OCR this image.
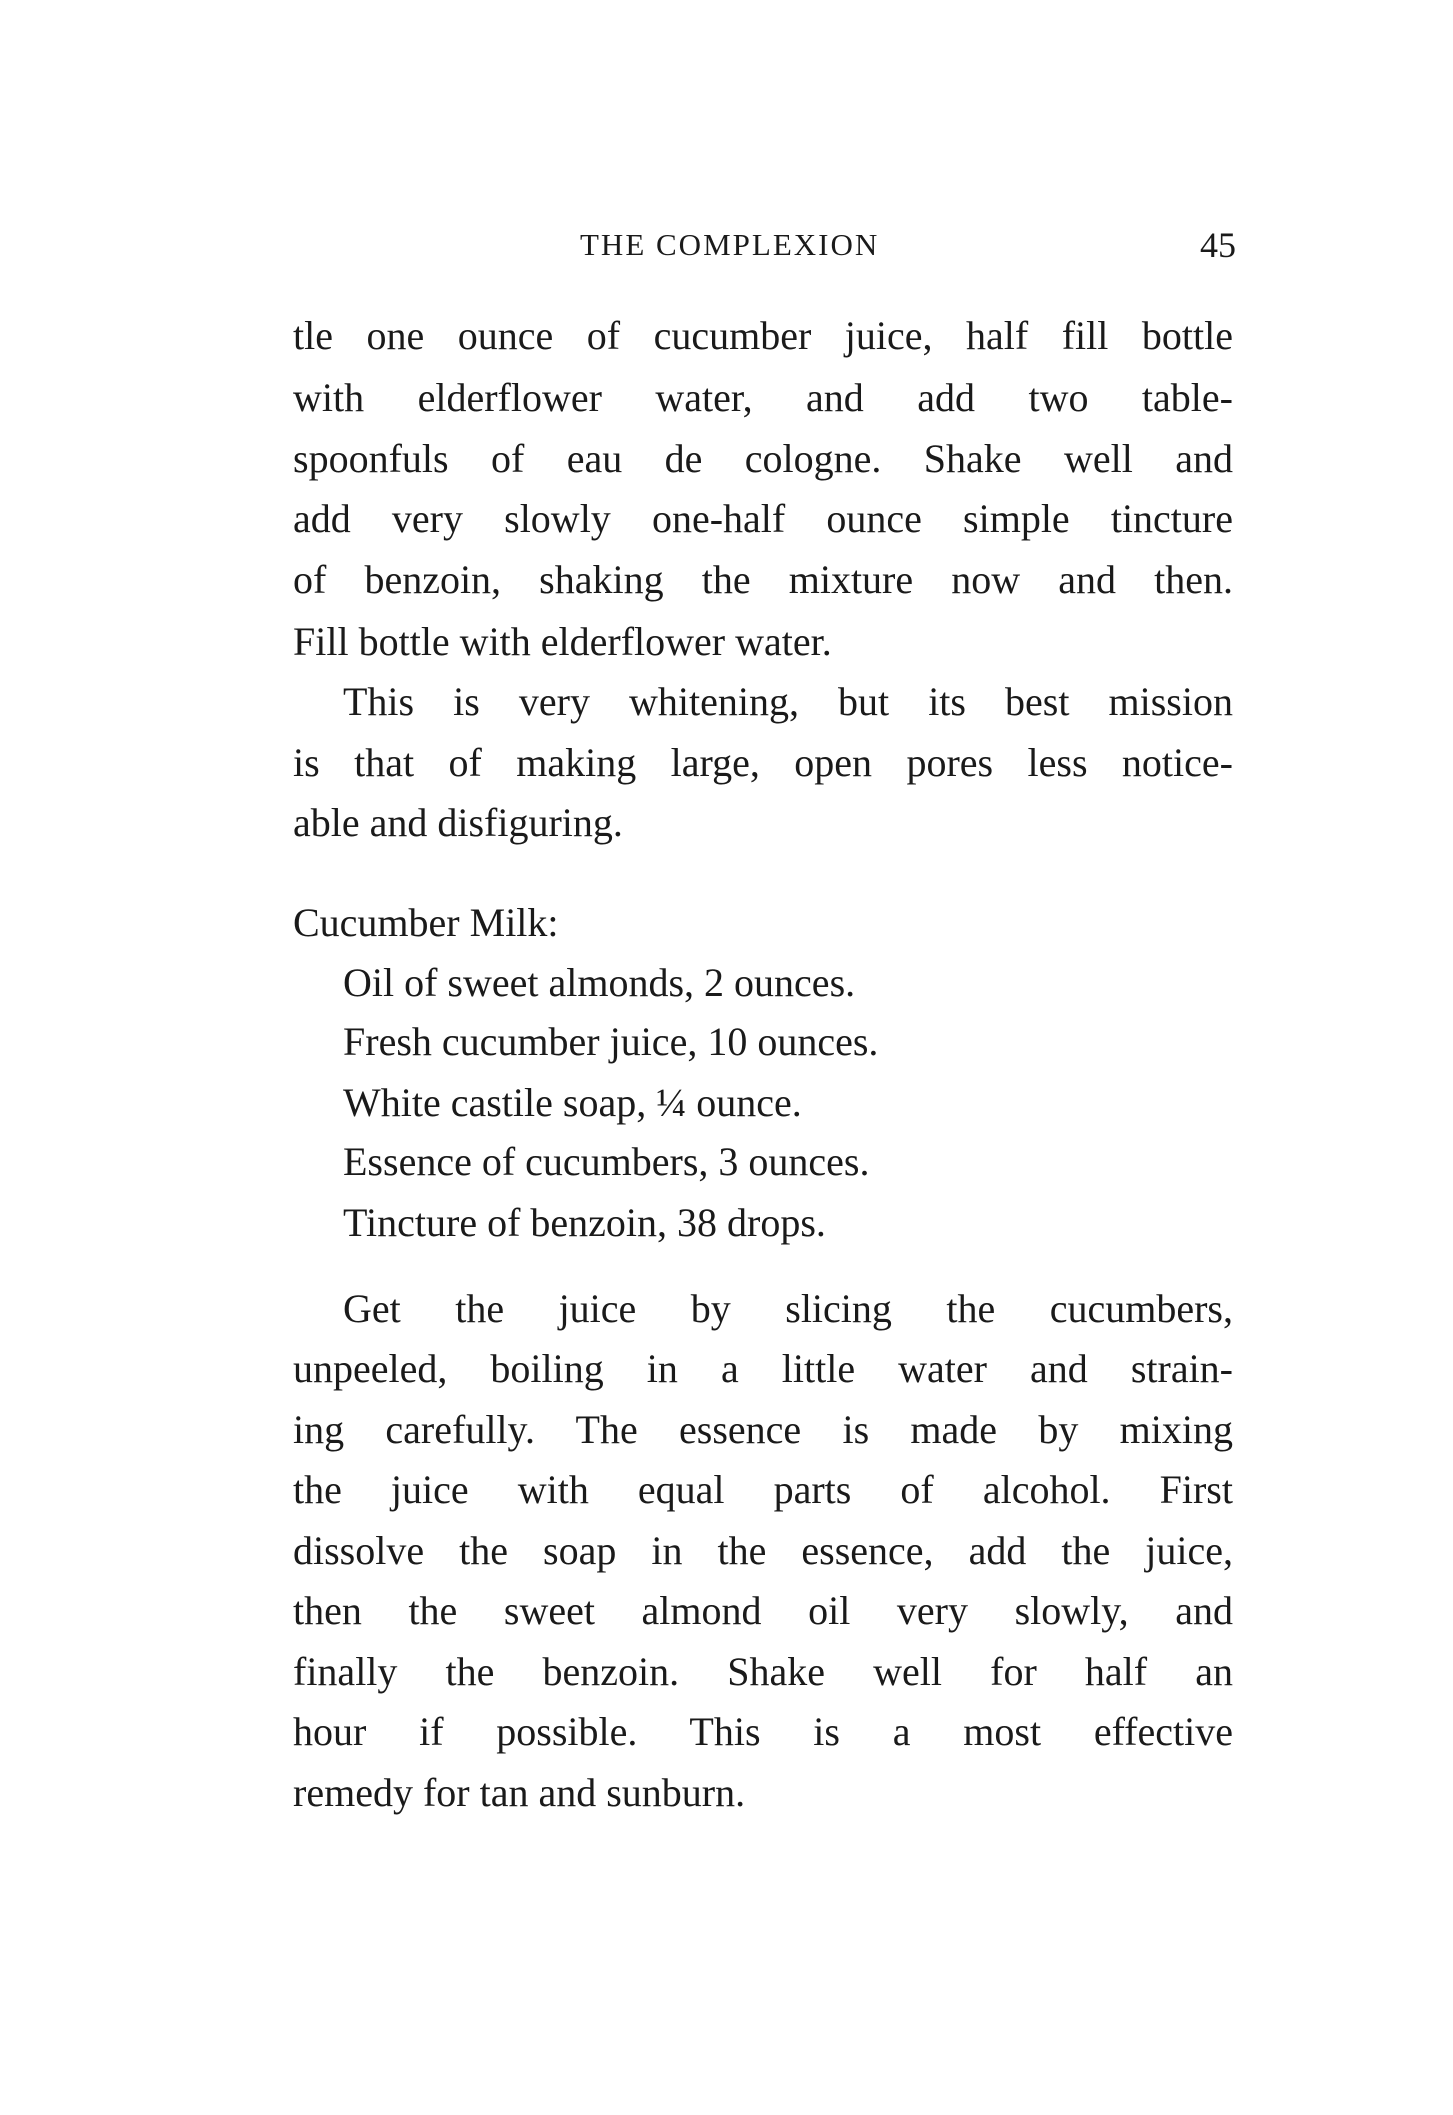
THE COMPLEXION	45
tle one ounce of cucumber juice, half fill bottle
with elderflower water, and add two table-
spoonfuls of eau de cologne. Shake well and
add very slowly one-half ounce simple tincture
of benzoin, shaking the mixture now and then.
Fill bottle with elderflower water.
This is very whitening, but its best mission
is that of making large, open pores less notice-
able and disfiguring.
Cucumber Milk:
Oil of sweet almonds, 2 ounces.
Fresh cucumber juice, 10 ounces.
White castile soap, ¼ ounce.
Essence of cucumbers, 3 ounces.
Tincture of benzoin, 38 drops.
Get the juice by slicing the cucumbers,
unpeeled, boiling in a little water and strain-
ing carefully. The essence is made by mixing
the juice with equal parts of alcohol. First
dissolve the soap in the essence, add the juice,
then the sweet almond oil very slowly, and
finally the benzoin. Shake well for half an
hour if possible. This is a most effective
remedy for tan and sunburn.
